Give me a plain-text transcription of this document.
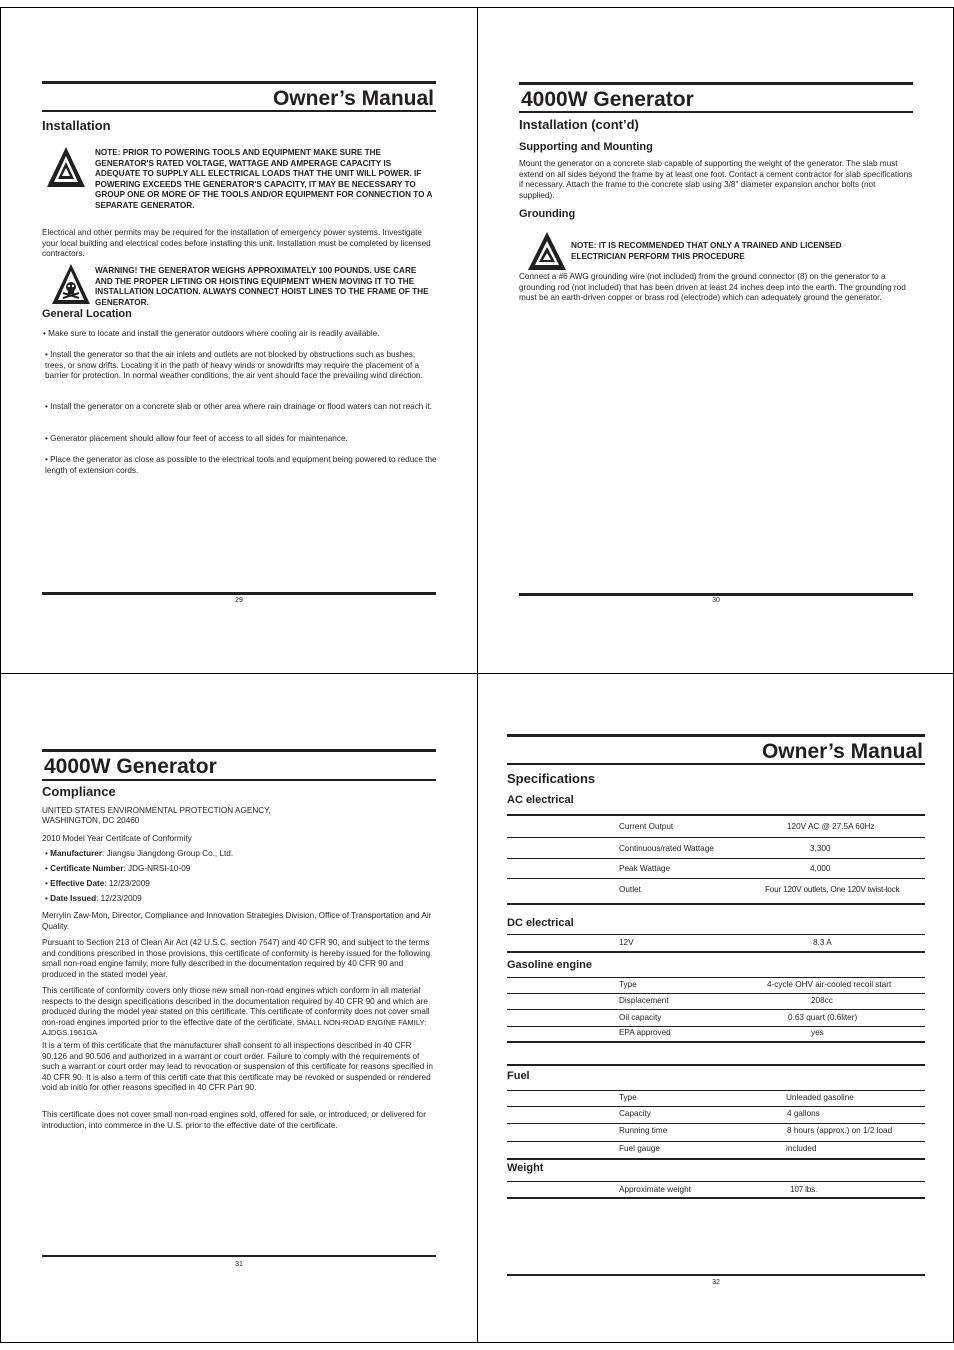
Owner’s Manual
Installation
NOTE: PRIOR TO POWERING TOOLS AND EQUIPMENT MAKE SURE THE GENERATOR'S RATED VOLTAGE, WATTAGE AND AMPERAGE CAPACITY IS ADEQUATE TO SUPPLY ALL ELECTRICAL LOADS THAT THE UNIT WILL POWER. IF POWERING EXCEEDS THE GENERATOR'S CAPACITY, IT MAY BE NECESSARY TO GROUP ONE OR MORE OF THE TOOLS AND/OR EQUIPMENT FOR CONNECTION TO A SEPARATE GENERATOR.
Electrical and other permits may be required for the installation of emergency power systems. Investigate your local building and electrical codes before installing this unit. Installation must be completed by licensed contractors.
WARNING! THE GENERATOR WEIGHS APPROXIMATELY 100 POUNDS. USE CARE AND THE PROPER LIFTING OR HOISTING EQUIPMENT WHEN MOVING IT TO THE INSTALLATION LOCATION. ALWAYS CONNECT HOIST LINES TO THE FRAME OF THE GENERATOR.
General Location
• Make sure to locate and install the generator outdoors where cooling air is readily available.
• Install the generator so that the air inlets and outlets are not blocked by obstructions such as bushes, trees, or snow drifts. Locating it in the path of heavy winds or snowdrifts may require the placement of a barrier for protection. In normal weather conditions, the air vent should face the prevailing wind direction.
• Install the generator on a concrete slab or other area where rain drainage or flood waters can not reach it.
• Generator placement should allow four feet of access to all sides for maintenance.
• Place the generator as close as possible to the electrical tools and equipment being powered to reduce the length of extension cords.
29
4000W Generator
Installation (cont’d)
Supporting and Mounting
Mount the generator on a concrete slab capable of supporting the weight of the generator. The slab must extend on all sides beyond the frame by at least one foot. Contact a cement contractor for slab specifications if necessary. Attach the frame to the concrete slab using 3/8" diameter expansion anchor bolts (not supplied).
Grounding
NOTE: IT IS RECOMMENDED THAT ONLY A TRAINED AND LICENSED ELECTRICIAN PERFORM THIS PROCEDURE
Connect a #6 AWG grounding wire (not included) from the ground connector (8) on the generator to a grounding rod (not included) that has been driven at least 24 inches deep into the earth. The grounding rod must be an earth-driven copper or brass rod (electrode) which can adequately ground the generator.
30
4000W Generator
Compliance
UNITED STATES ENVIRONMENTAL PROTECTION AGENCY,
WASHINGTON, DC 20460
2010 Model Year Certifcate of Conformity
• Manufacturer: Jiangsu Jiangdong Group Co., Ltd.
• Certificate Number: JDG-NRSI-10-09
• Effective Date: 12/23/2009
• Date Issued: 12/23/2009
Merrylin Zaw-Mon, Director, Compliance and Innovation Strategies Division, Office of Transportation and Air Quality.
Pursuant to Section 213 of Clean Air Act (42 U.S.C. section 7547) and 40 CFR 90, and subject to the terms and conditions prescribed in those provisions, this certificate of conformity is hereby issued for the following small non-road engine family, more fully described in the documentation required by 40 CFR 90 and produced in the stated model year.
This certificate of conformity covers only those new small non-road engines which conform in all material respects to the design specifications described in the documentation required by 40 CFR 90 and which are produced during the model year stated on this certificate. This certificate of conformity does not cover small non-road engines imported prior to the effective date of the certificate. SMALL NON-ROAD ENGINE FAMILY: AJDGS.1961GA
It is a term of this certificate that the manufacturer shall consent to all inspections described in 40 CFR 90.126 and 90.506 and authorized in a warrant or court order. Failure to comply with the requirements of such a warrant or court order may lead to revocation or suspension of this certificate for reasons specified in 40 CFR 90. It is also a term of this certifi cate that this certificate may be revoked or suspended or rendered void ab initio for other reasons specified in 40 CFR Part 90.
This certificate does not cover small non-road engines sold, offered for sale, or introduced, or delivered for introduction, into commerce in the U.S. prior to the effective date of the certificate.
31
Owner’s Manual
Specifications
AC electrical
Current Output	120V AC @ 27.5A 60Hz
Continuous/rated Wattage	3,300
Peak Wattage	4,000
Outlet	Four 120V outlets, One 120V twist-lock
DC electrical
12V	8.3 A
Gasoline engine
Type	4-cycle OHV air-cooled recoil start
Displacement	208cc
Oil capacity	0.63 quart (0.6liter)
EPA approved	yes
Fuel
Type	Unleaded gasoline
Capacity	4 gallons
Running time	8 hours (approx.) on 1/2 load
Fuel gauge	included
Weight
Approximate weight	107 lbs.
32
